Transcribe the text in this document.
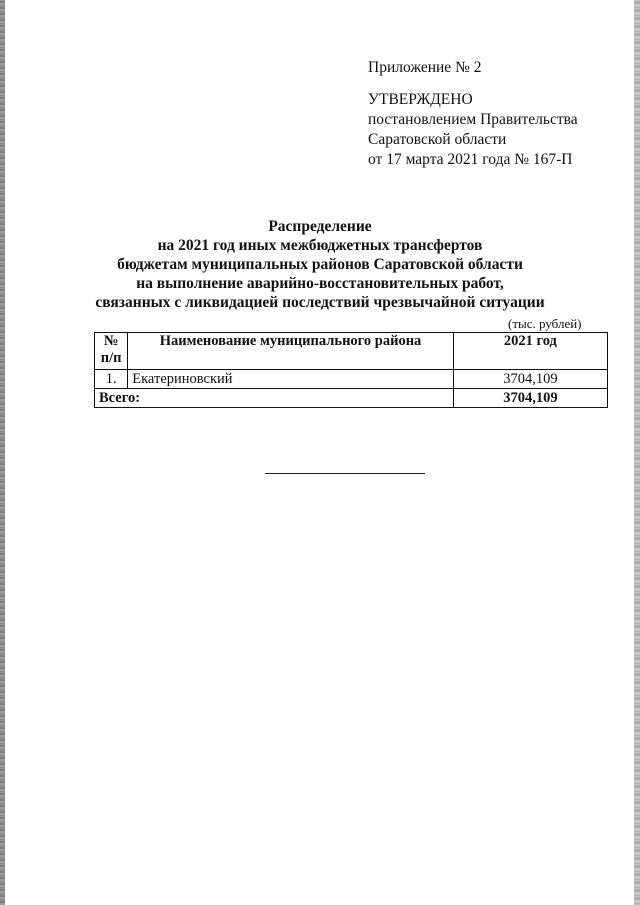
Приложение № 2
УТВЕРЖДЕНО
постановлением Правительства
Саратовской области
от 17 марта 2021 года № 167-П
Распределение
на 2021 год иных межбюджетных трансфертов
бюджетам муниципальных районов Саратовской области
на выполнение аварийно-восстановительных работ,
связанных с ликвидацией последствий чрезвычайной ситуации
(тыс. рублей)
№
п/п	Наименование муниципального района	2021 год
1.	Екатериновский	3704,109
Всего:		3704,109
